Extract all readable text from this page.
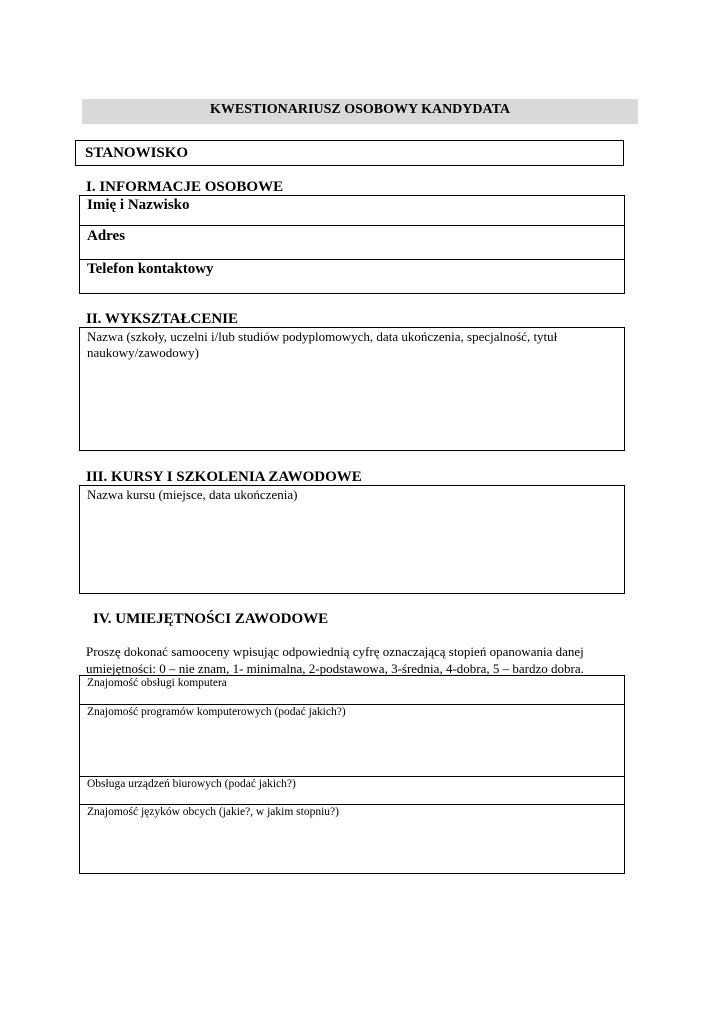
KWESTIONARIUSZ OSOBOWY KANDYDATA
STANOWISKO
I. INFORMACJE OSOBOWE
Imię i Nazwisko
Adres
Telefon kontaktowy
II. WYKSZTAŁCENIE
Nazwa (szkoły, uczelni i/lub studiów podyplomowych, data ukończenia, specjalność, tytuł naukowy/zawodowy)
III. KURSY I SZKOLENIA ZAWODOWE
Nazwa kursu (miejsce, data ukończenia)
IV. UMIEJĘTNOŚCI ZAWODOWE
Proszę dokonać samooceny wpisując odpowiednią cyfrę oznaczającą stopień opanowania danej
umiejętności: 0 – nie znam, 1- minimalna, 2-podstawowa, 3-średnia, 4-dobra, 5 – bardzo dobra.
Znajomość obsługi komputera
Znajomość programów komputerowych (podać jakich?)
Obsługa urządzeń biurowych (podać jakich?)
Znajomość języków obcych (jakie?, w jakim stopniu?)
